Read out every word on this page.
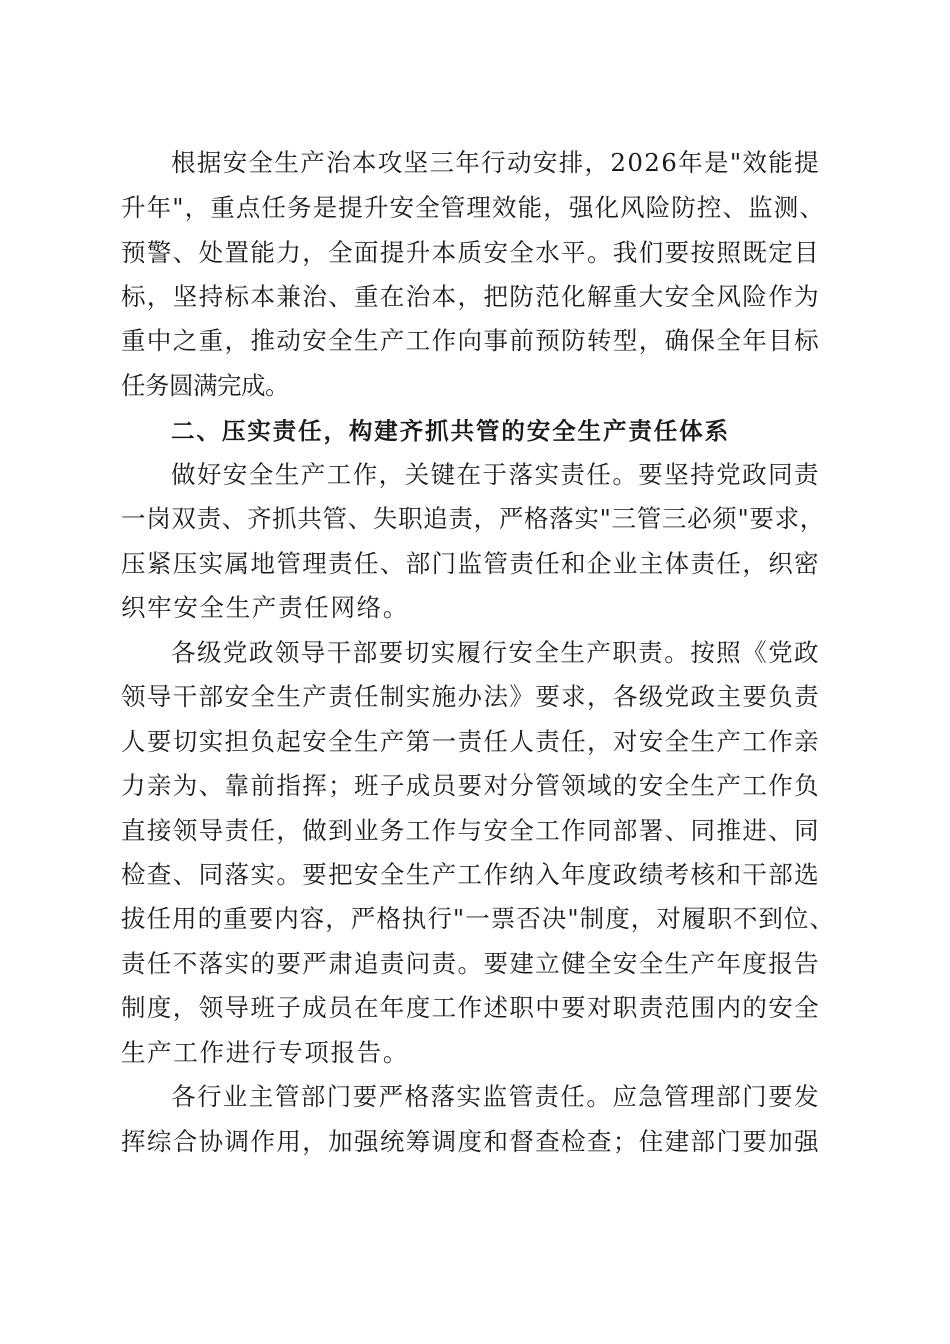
根据安全生产治本攻坚三年行动安排，2026年是"效能提
升年"，重点任务是提升安全管理效能，强化风险防控、监测、
预警、处置能力，全面提升本质安全水平。我们要按照既定目
标，坚持标本兼治、重在治本，把防范化解重大安全风险作为
重中之重，推动安全生产工作向事前预防转型，确保全年目标
任务圆满完成。
二、压实责任，构建齐抓共管的安全生产责任体系
做好安全生产工作，关键在于落实责任。要坚持党政同责
一岗双责、齐抓共管、失职追责，严格落实"三管三必须"要求，
压紧压实属地管理责任、部门监管责任和企业主体责任，织密
织牢安全生产责任网络。
各级党政领导干部要切实履行安全生产职责。按照《党政
领导干部安全生产责任制实施办法》要求，各级党政主要负责
人要切实担负起安全生产第一责任人责任，对安全生产工作亲
力亲为、靠前指挥；班子成员要对分管领域的安全生产工作负
直接领导责任，做到业务工作与安全工作同部署、同推进、同
检查、同落实。要把安全生产工作纳入年度政绩考核和干部选
拔任用的重要内容，严格执行"一票否决"制度，对履职不到位、
责任不落实的要严肃追责问责。要建立健全安全生产年度报告
制度，领导班子成员在年度工作述职中要对职责范围内的安全
生产工作进行专项报告。
各行业主管部门要严格落实监管责任。应急管理部门要发
挥综合协调作用，加强统筹调度和督查检查；住建部门要加强
